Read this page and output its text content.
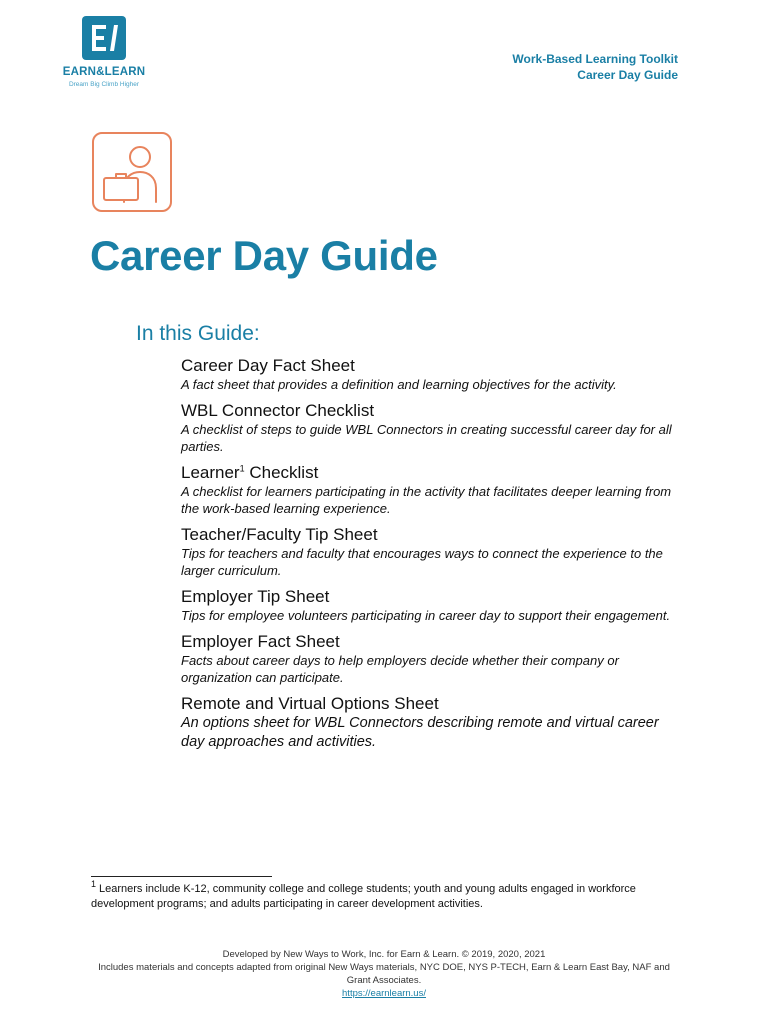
EARN&LEARN
Dream Big Climb Higher
Work-Based Learning Toolkit
Career Day Guide
Career Day Guide
In this Guide:
Career Day Fact Sheet
A fact sheet that provides a definition and learning objectives for the activity.
WBL Connector Checklist
A checklist of steps to guide WBL Connectors in creating successful career day for all parties.
Learner$^1$ Checklist
A checklist for learners participating in the activity that facilitates deeper learning from the work-based learning experience.
Teacher/Faculty Tip Sheet
Tips for teachers and faculty that encourages ways to connect the experience to the larger curriculum.
Employer Tip Sheet
Tips for employee volunteers participating in career day to support their engagement.
Employer Fact Sheet
Facts about career days to help employers decide whether their company or organization can participate.
Remote and Virtual Options Sheet
An options sheet for WBL Connectors describing remote and virtual career day approaches and activities.
$^1$ Learners include K-12, community college and college students; youth and young adults engaged in workforce development programs; and adults participating in career development activities.
Developed by New Ways to Work, Inc. for Earn & Learn. © 2019, 2020, 2021
Includes materials and concepts adapted from original New Ways materials, NYC DOE, NYS P-TECH, Earn & Learn East Bay, NAF and Grant Associates.
https://earnlearn.us/
